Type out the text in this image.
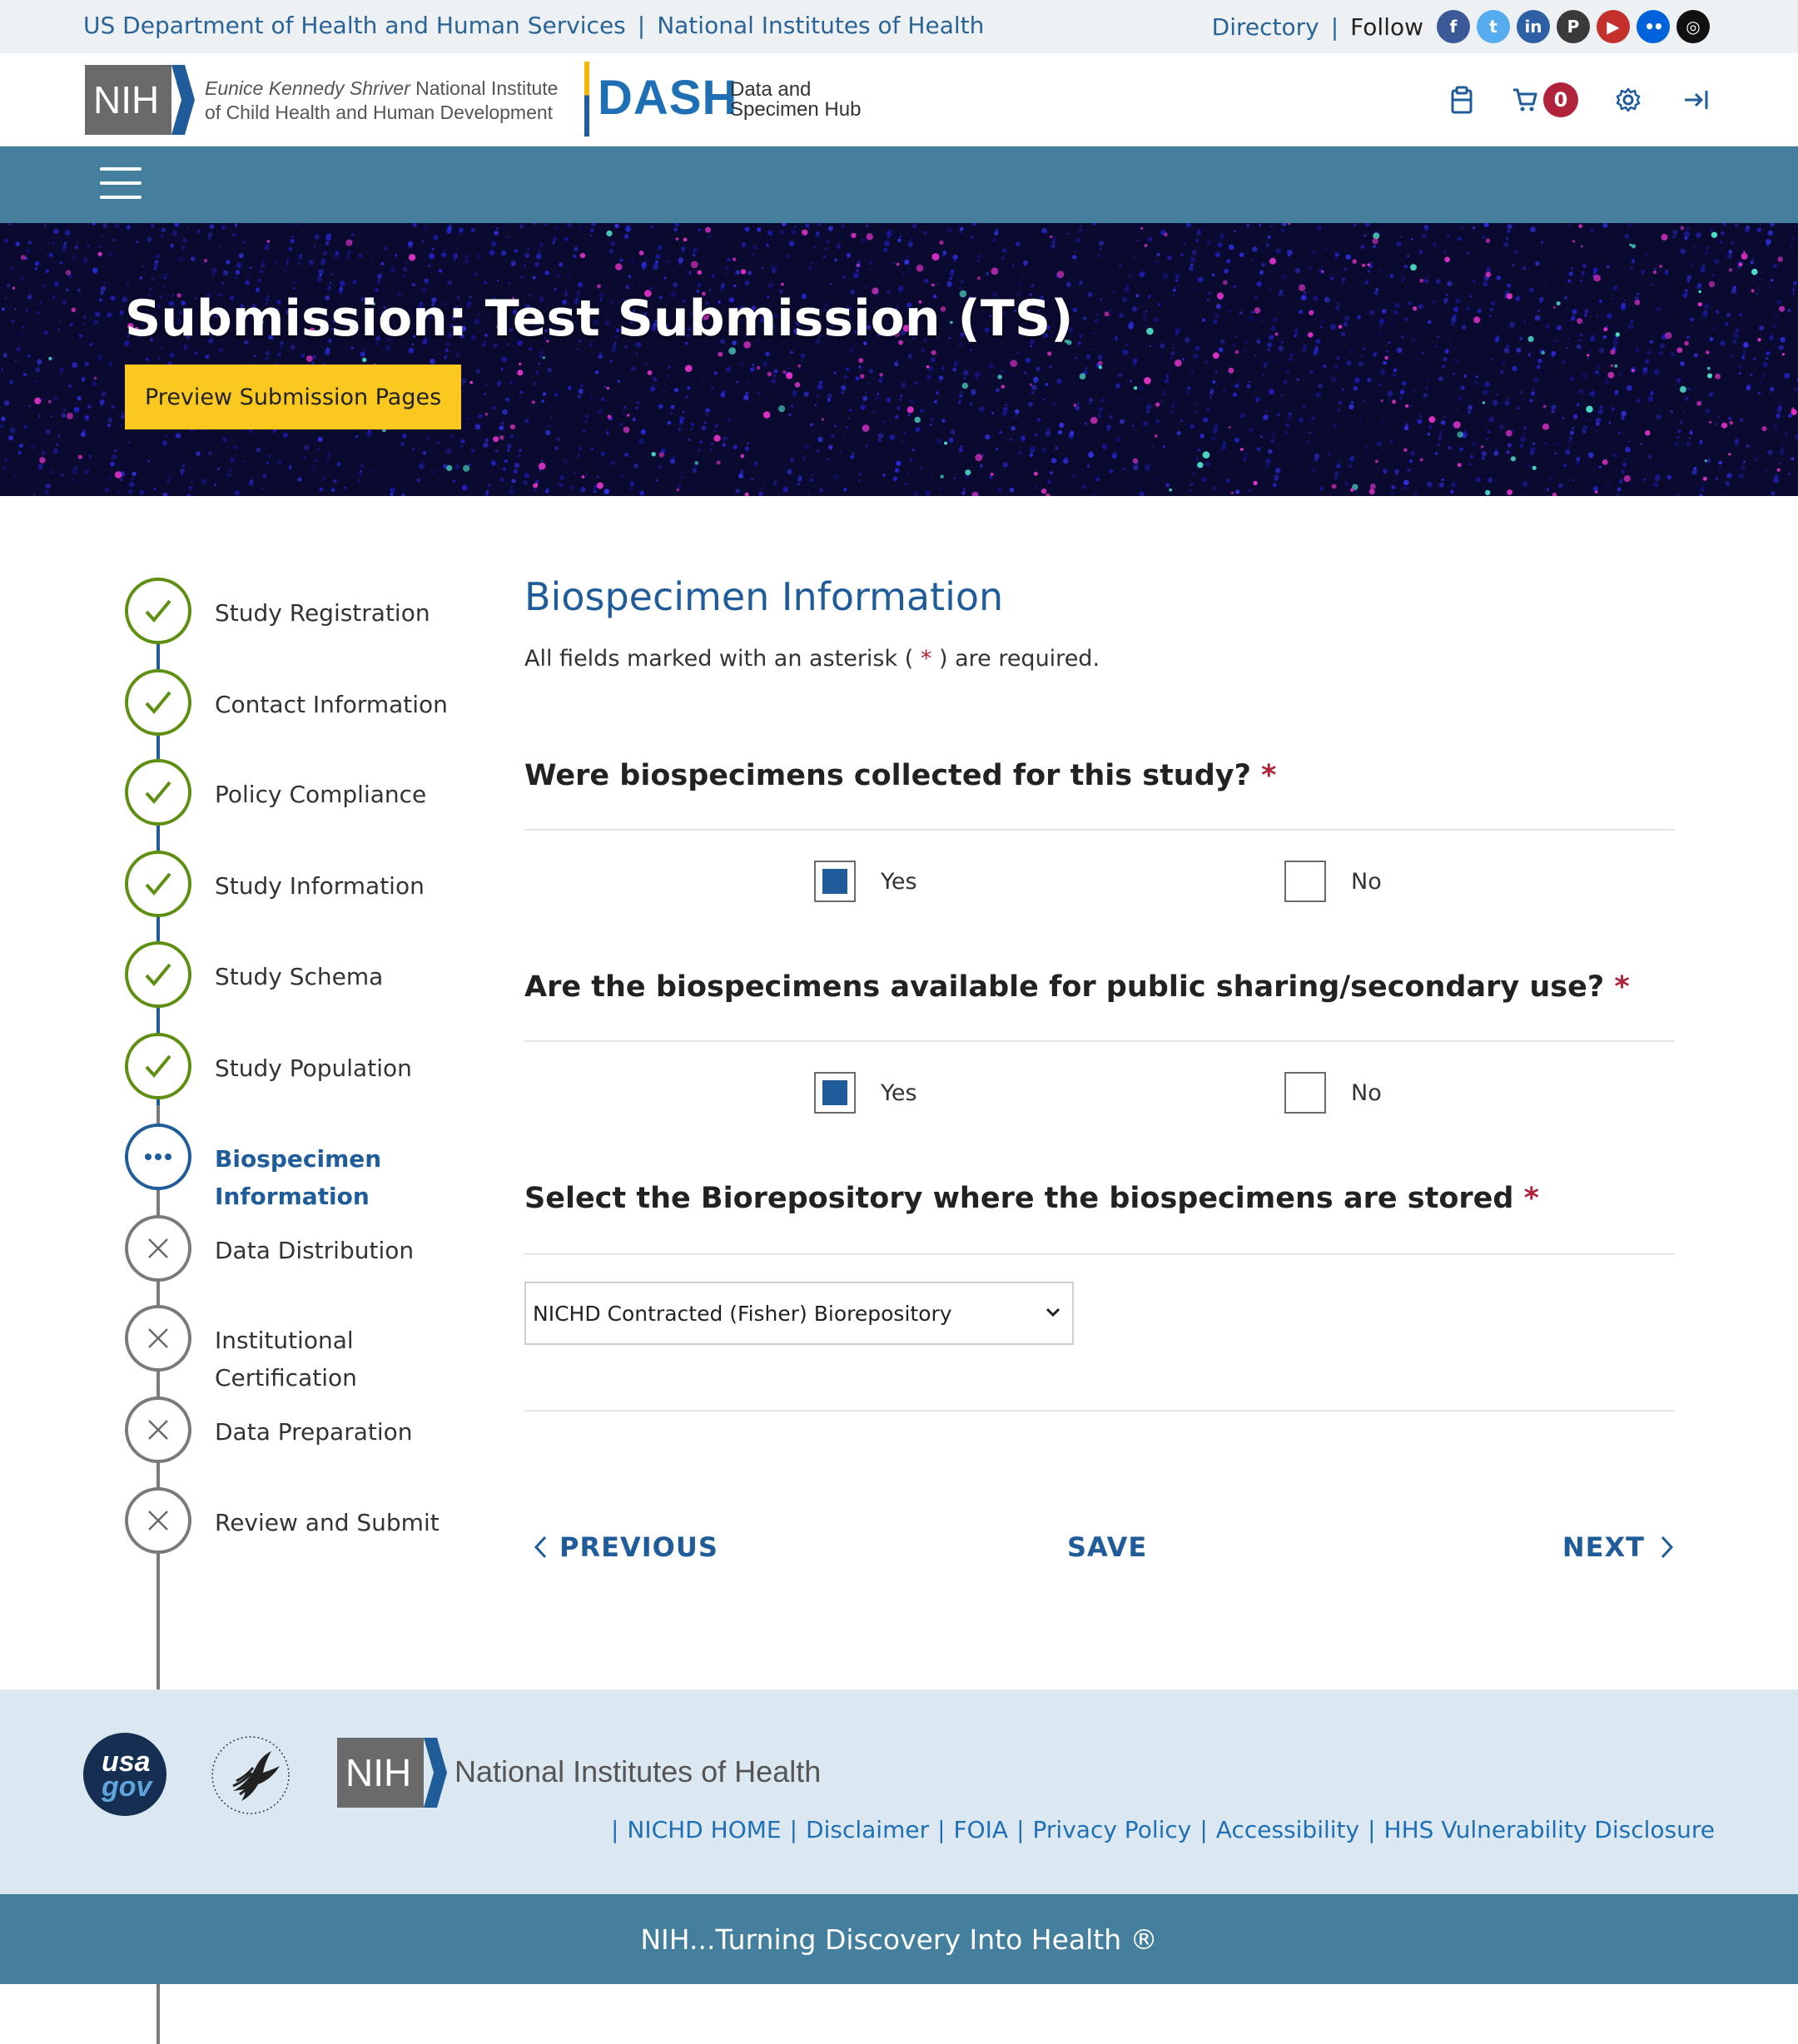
US Department of Health and Human Services | National Institutes of Health	Directory | Follow	f	t	in	P	▶	••	◎
NIH Eunice Kennedy Shriver National Institute
of Child Health and Human Development DASH
Data and
Specimen Hub	0
Submission: Test Submission (TS)
Preview Submission Pages
Study Registration
Contact Information
Policy Compliance
Study Information
Study Schema
Study Population
Biospecimen Information
Data Distribution
Institutional Certification
Data Preparation
Review and Submit
Biospecimen Information
All fields marked with an asterisk ( * ) are required.
Were biospecimens collected for this study? *
Yes	No
Are the biospecimens available for public sharing/secondary use? *
Yes	No
Select the Biorepository where the biospecimens are stored *
NICHD Contracted (Fisher) Biorepository
PREVIOUS	SAVE	NEXT
usa
gov	NIH National Institutes of Health
| NICHD HOME | Disclaimer | FOIA | Privacy Policy | Accessibility | HHS Vulnerability Disclosure
NIH...Turning Discovery Into Health ®
